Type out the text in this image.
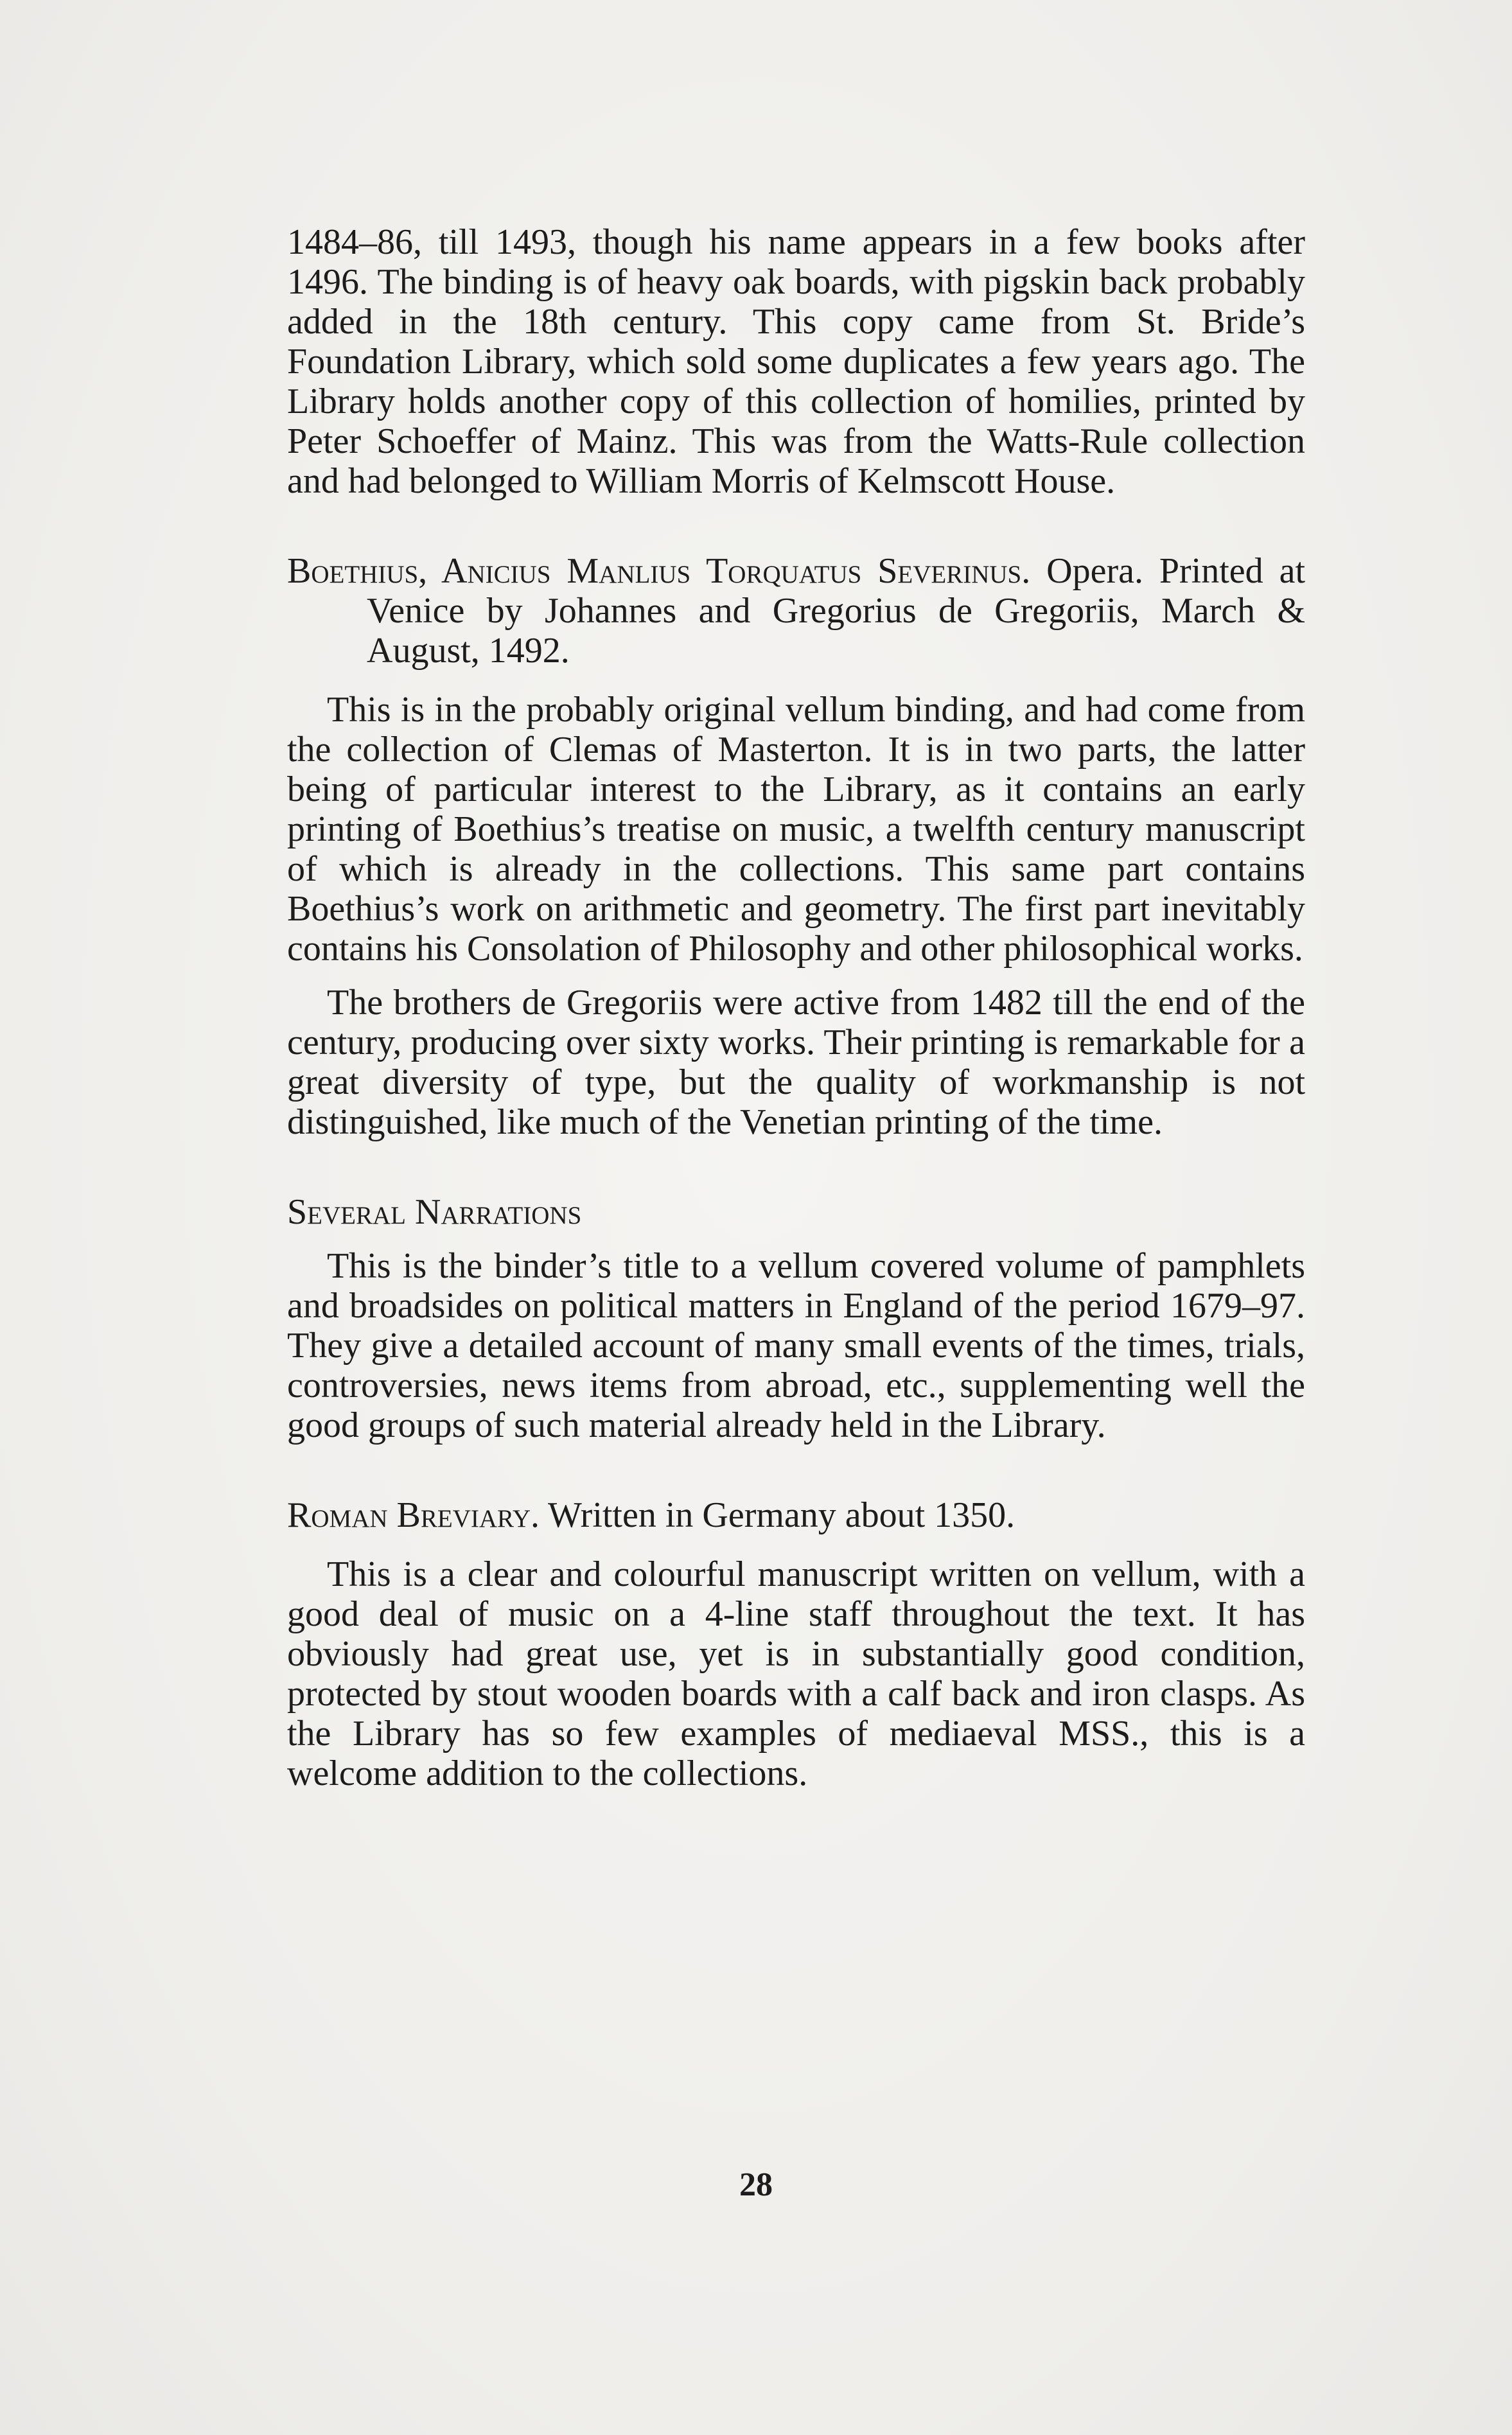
1484–86, till 1493, though his name appears in a few books after 1496. The binding is of heavy oak boards, with pigskin back probably added in the 18th century. This copy came from St. Bride’s Foundation Library, which sold some duplicates a few years ago. The Library holds another copy of this collection of homilies, printed by Peter Schoeffer of Mainz. This was from the Watts-Rule collection and had belonged to William Morris of Kelmscott House.

Boethius, Anicius Manlius Torquatus Severinus. Opera. Printed at Venice by Johannes and Gregorius de Gregoriis, March & August, 1492.

This is in the probably original vellum binding, and had come from the collection of Clemas of Masterton. It is in two parts, the latter being of particular interest to the Library, as it contains an early printing of Boethius’s treatise on music, a twelfth century manuscript of which is already in the collections. This same part contains Boethius’s work on arithmetic and geometry. The first part inevitably contains his Consolation of Philosophy and other philosophical works.

The brothers de Gregoriis were active from 1482 till the end of the century, producing over sixty works. Their printing is remarkable for a great diversity of type, but the quality of workmanship is not distinguished, like much of the Venetian printing of the time.

Several Narrations

This is the binder’s title to a vellum covered volume of pamphlets and broadsides on political matters in England of the period 1679–97. They give a detailed account of many small events of the times, trials, controversies, news items from abroad, etc., supplementing well the good groups of such material already held in the Library.

Roman Breviary. Written in Germany about 1350.

This is a clear and colourful manuscript written on vellum, with a good deal of music on a 4-line staff throughout the text. It has obviously had great use, yet is in substantially good condition, protected by stout wooden boards with a calf back and iron clasps. As the Library has so few examples of mediaeval MSS., this is a welcome addition to the collections.

28
